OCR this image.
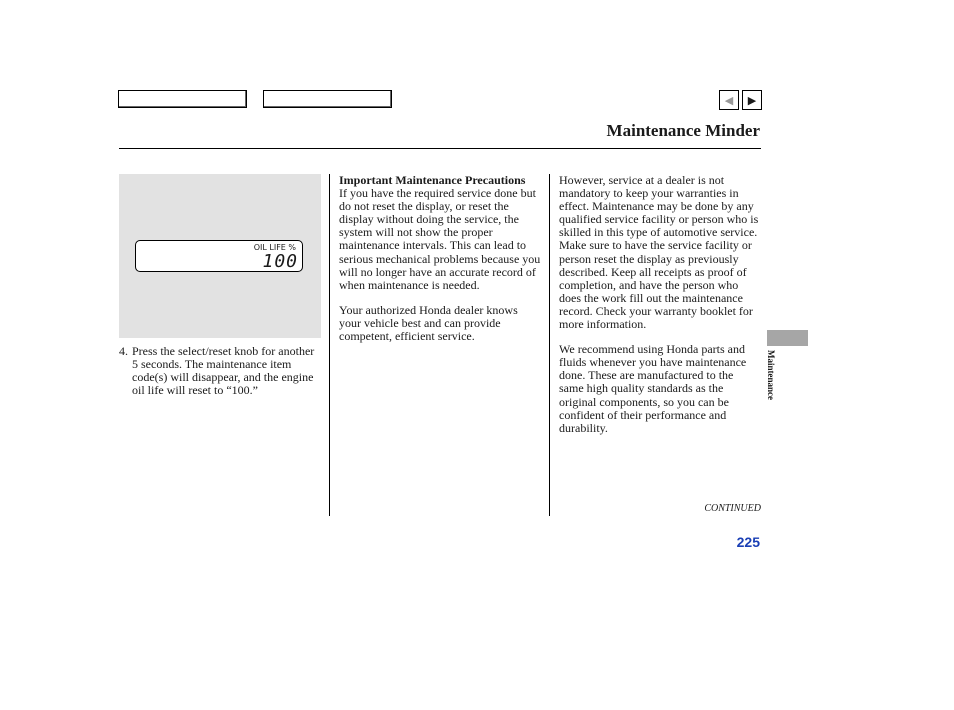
◀ ▶
Maintenance Minder
OIL LIFE %
100
4. Press the select/reset knob for another 5 seconds. The maintenance item code(s) will disappear, and the engine oil life will reset to “100.”
Important Maintenance Precautions

If you have the required service done but do not reset the display, or reset the display without doing the service, the system will not show the proper maintenance intervals. This can lead to serious mechanical problems because you will no longer have an accurate record of when maintenance is needed.

Your authorized Honda dealer knows your vehicle best and can provide competent, efficient service.

However, service at a dealer is not mandatory to keep your warranties in effect. Maintenance may be done by any qualified service facility or person who is skilled in this type of automotive service. Make sure to have the service facility or person reset the display as previously described. Keep all receipts as proof of completion, and have the person who does the work fill out the maintenance record. Check your warranty booklet for more information.

We recommend using Honda parts and fluids whenever you have maintenance done. These are manufactured to the same high quality standards as the original components, so you can be confident of their performance and durability.

CONTINUED
225
Maintenance
